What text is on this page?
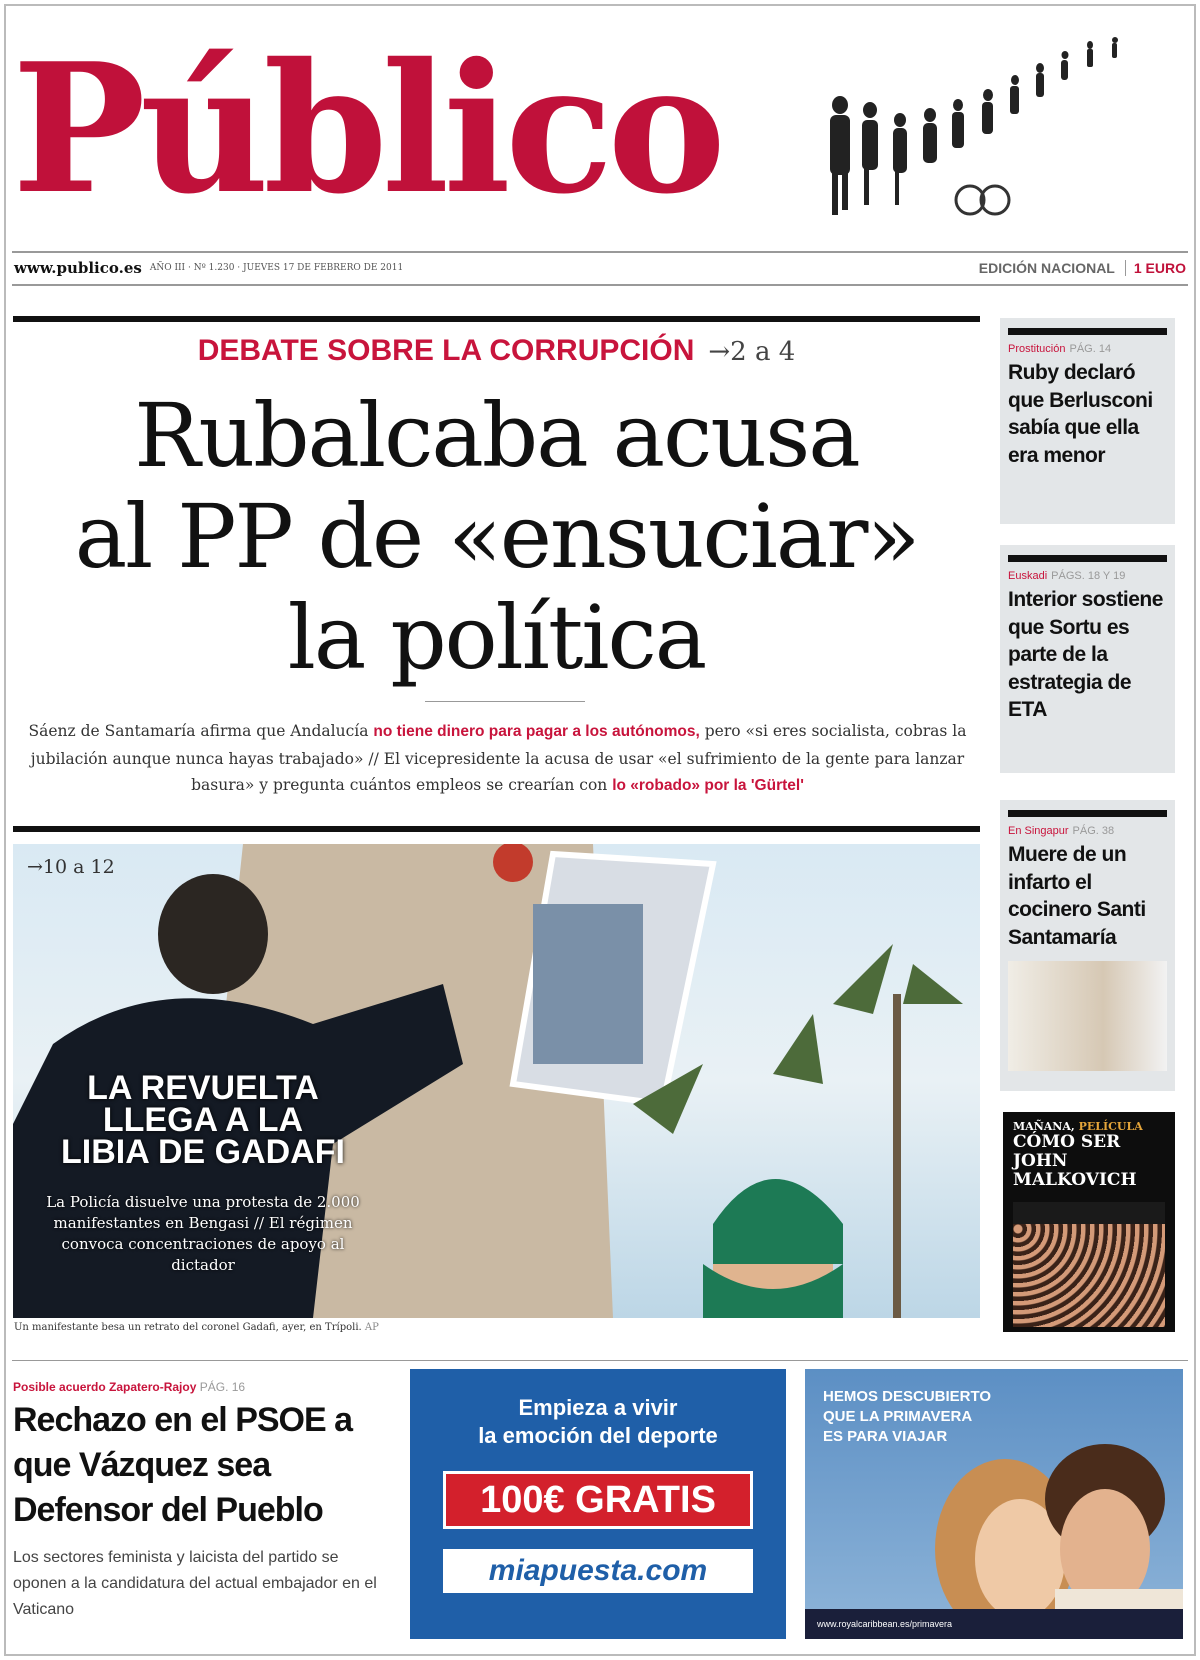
Público
www.publico.es AÑO III · Nº 1.230 · JUEVES 17 DE FEBRERO DE 2011	EDICIÓN NACIONAL	1 EURO
DEBATE SOBRE LA CORRUPCIÓN →2 a 4
Rubalcaba acusa
al PP de «ensuciar»
la política
Sáenz de Santamaría afirma que Andalucía no tiene dinero para pagar a los autónomos, pero «si eres socialista, cobras la jubilación aunque nunca hayas trabajado» // El vicepresidente la acusa de usar «el sufrimiento de la gente para lanzar basura» y pregunta cuántos empleos se crearían con lo «robado» por la 'Gürtel'
→10 a 12
LA REVUELTA
LLEGA A LA
LIBIA DE GADAFI
La Policía disuelve una protesta de 2.000 manifestantes en Bengasi // El régimen convoca concentraciones de apoyo al dictador
Un manifestante besa un retrato del coronel Gadafi, ayer, en Trípoli. AP
Prostitución PÁG. 14
Ruby declaró que Berlusconi sabía que ella era menor
Euskadi PÁGS. 18 Y 19
Interior sostiene que Sortu es parte de la estrategia de ETA
En Singapur PÁG. 38
Muere de un infarto el cocinero Santi Santamaría
MAÑANA, PELÍCULA
CÓMO SER JOHN MALKOVICH
Posible acuerdo Zapatero-Rajoy PÁG. 16
Rechazo en el PSOE a que Vázquez sea Defensor del Pueblo
Los sectores feminista y laicista del partido se oponen a la candidatura del actual embajador en el Vaticano
Empieza a vivir
la emoción del deporte
100€ GRATIS
miapuesta.com
HEMOS DESCUBIERTO
QUE LA PRIMAVERA
ES PARA VIAJAR
www.royalcaribbean.es/primavera
